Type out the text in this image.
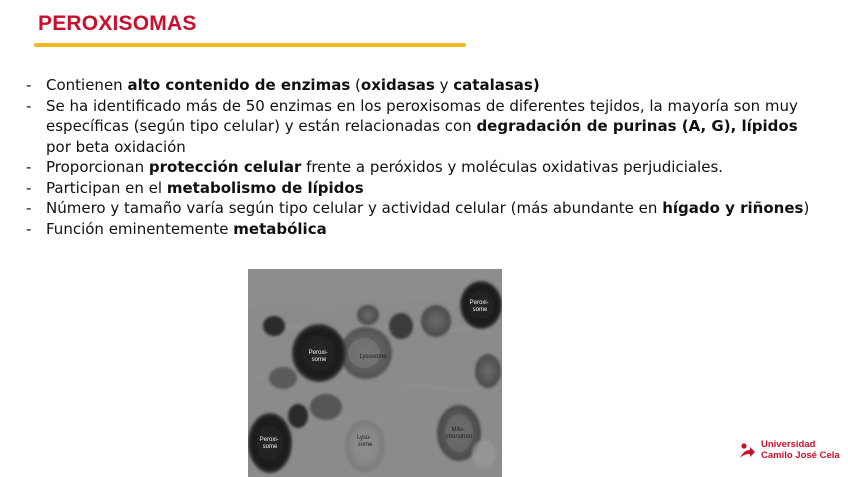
PEROXISOMAS
- Contienen alto contenido de enzimas (oxidasas y catalasas)
- Se ha identificado más de 50 enzimas en los peroxisomas de diferentes tejidos, la mayoría son muy específicas (según tipo celular) y están relacionadas con degradación de purinas (A, G), lípidos por beta oxidación
- Proporcionan protección celular frente a peróxidos y moléculas oxidativas perjudiciales.
- Participan en el metabolismo de lípidos
- Número y tamaño varía según tipo celular y actividad celular (más abundante en hígado y riñones)
- Función eminentemente metabólica
Peroxi- some
Peroxi- some	Lysosome
Peroxi- some
Lyso- some
Mito- chondrion
Universidad
Camilo José Cela
